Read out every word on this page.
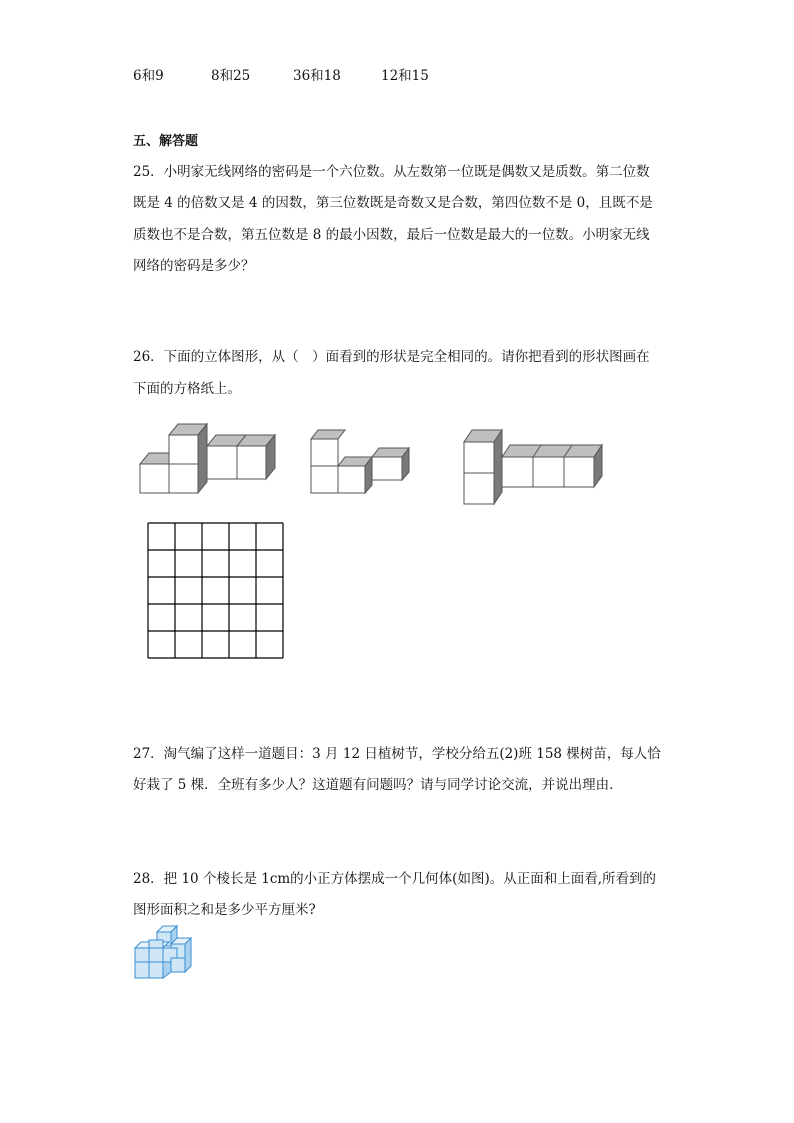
6和9	8和25	36和18	12和15
五、解答题
25．小明家无线网络的密码是一个六位数。从左数第一位既是偶数又是质数。第二位数
既是 4 的倍数又是 4 的因数，第三位数既是奇数又是合数，第四位数不是 0，且既不是
质数也不是合数，第五位数是 8 的最小因数，最后一位数是最大的一位数。小明家无线
网络的密码是多少？
26．下面的立体图形，从（　）面看到的形状是完全相同的。请你把看到的形状图画在
下面的方格纸上。
27．淘气编了这样一道题目：3 月 12 日植树节，学校分给五(2)班 158 棵树苗，每人恰
好栽了 5 棵．全班有多少人？这道题有问题吗？请与同学讨论交流，并说出理由．
28．把 10 个棱长是 1cm的小正方体摆成一个几何体(如图)。从正面和上面看,所看到的
图形面积之和是多少平方厘米?
